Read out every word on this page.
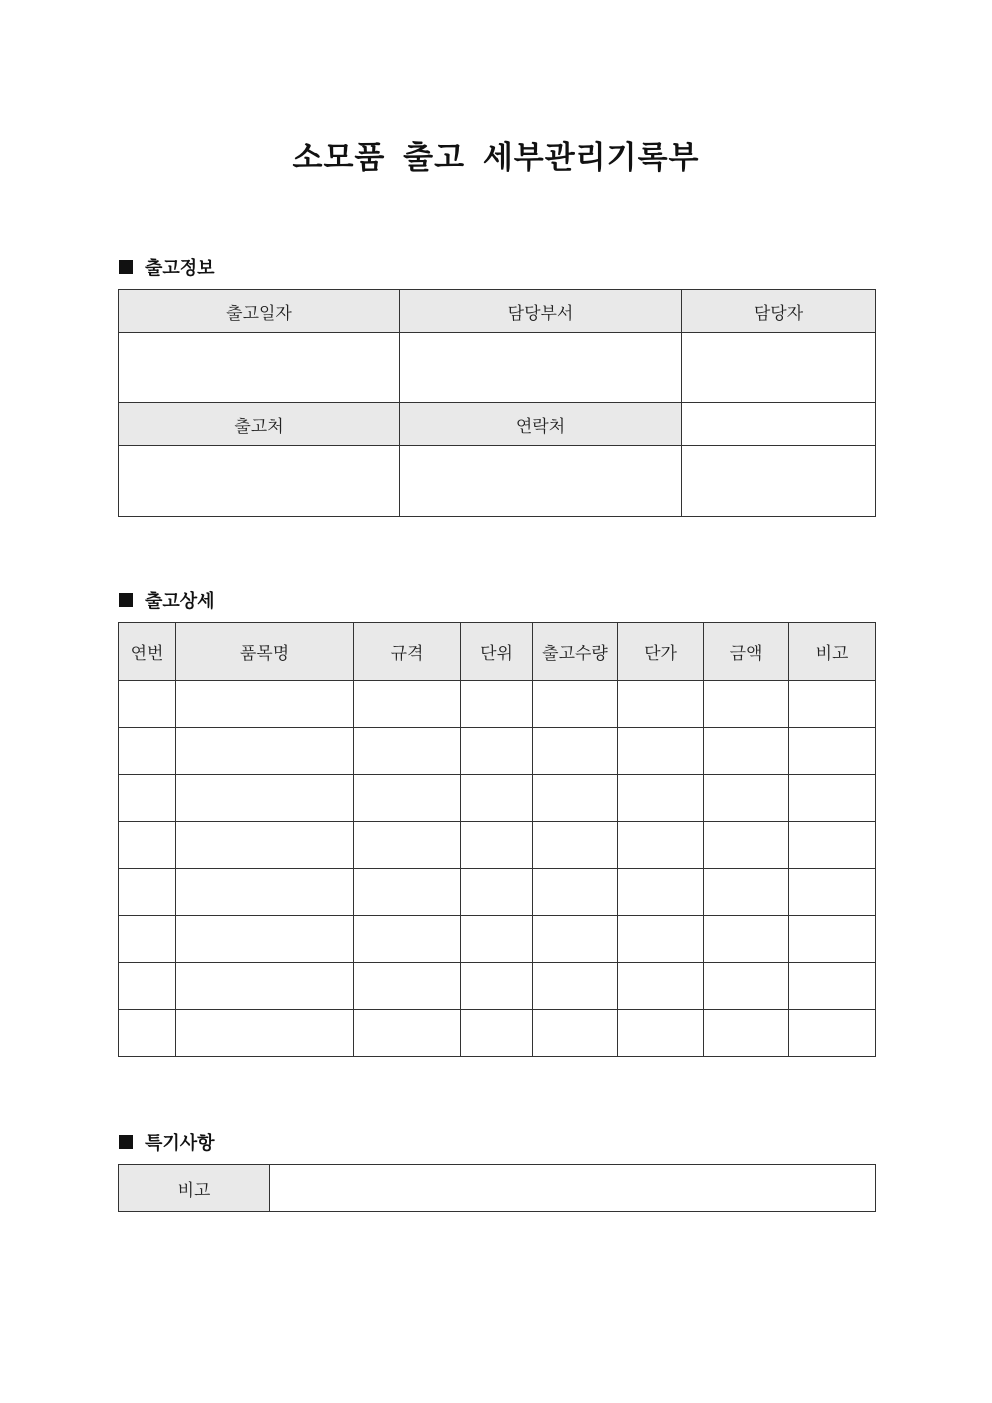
소모품 출고 세부관리기록부
출고정보
출고일자	담당부서	담당자

출고처	연락처	

출고상세
연번	품목명	규격	단위	출고수량	단가	금액	비고

특기사항
비고	
